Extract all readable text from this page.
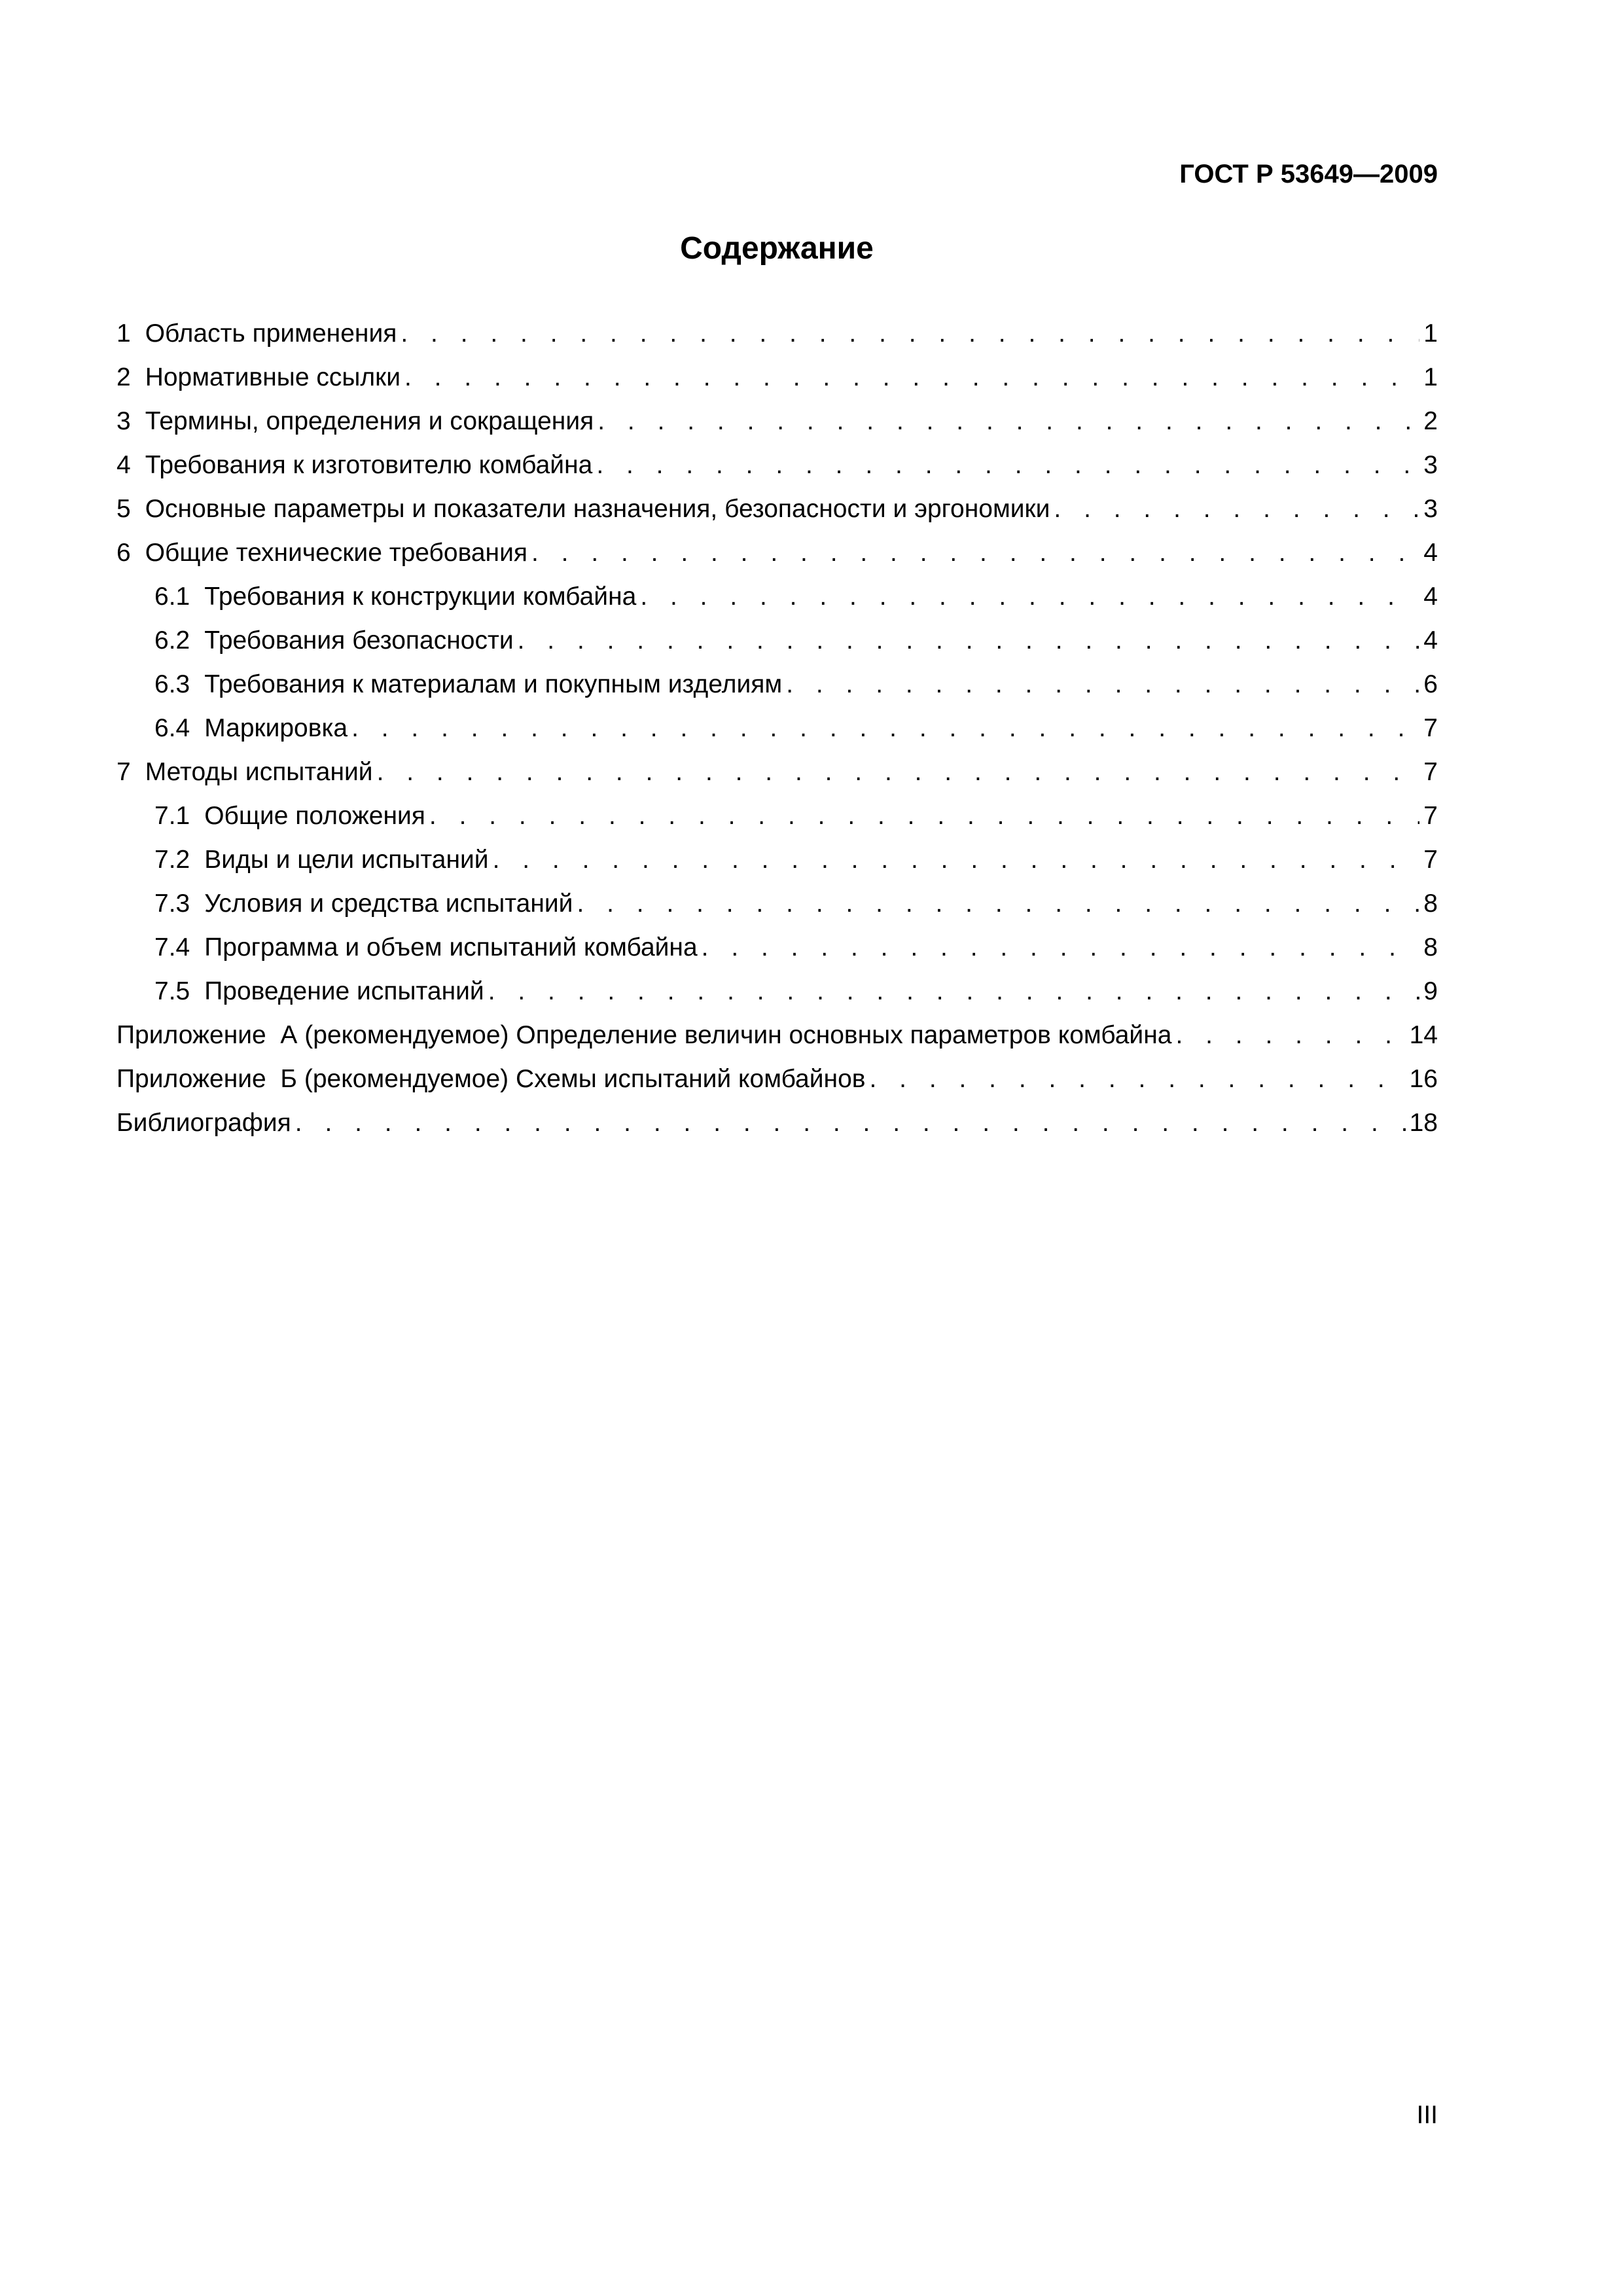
ГОСТ Р 53649—2009
Содержание
1 Область применения . . .	1
2 Нормативные ссылки . . .	1
3 Термины, определения и сокращения . . .	2
4 Требования к изготовителю комбайна . . .	3
5 Основные параметры и показатели назначения, безопасности и эргономики . . .	3
6 Общие технические требования . . .	4
6.1 Требования к конструкции комбайна . . .	4
6.2 Требования безопасности . . .	4
6.3 Требования к материалам и покупным изделиям . . .	6
6.4 Маркировка . . .	7
7 Методы испытаний . . .	7
7.1 Общие положения . . .	7
7.2 Виды и цели испытаний . . .	7
7.3 Условия и средства испытаний . . .	8
7.4 Программа и объем испытаний комбайна . . .	8
7.5 Проведение испытаний . . .	9
Приложение  А (рекомендуемое) Определение величин основных параметров комбайна . . .	14
Приложение  Б (рекомендуемое) Схемы испытаний комбайнов . . .	16
Библиография . . .	18
III
